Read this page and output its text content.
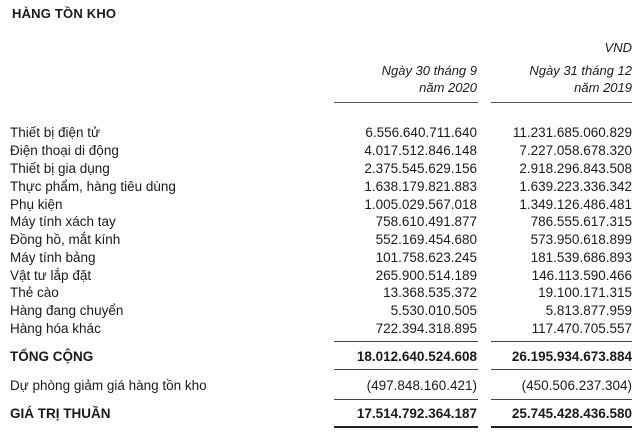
HÀNG TỒN KHO
VND
Ngày 30 tháng 9
năm 2020
Ngày 31 tháng 12
năm 2019
Thiết bị điện tử	6.556.640.711.640	11.231.685.060.829
Điện thoại di động	4.017.512.846.148	7.227.058.678.320
Thiết bị gia dụng	2.375.545.629.156	2.918.296.843.508
Thực phẩm, hàng tiêu dùng	1.638.179.821.883	1.639.223.336.342
Phụ kiện	1.005.029.567.018	1.349.126.486.481
Máy tính xách tay	758.610.491.877	786.555.617.315
Đồng hồ, mắt kính	552.169.454.680	573.950.618.899
Máy tính bảng	101.758.623.245	181.539.686.893
Vật tư lắp đặt	265.900.514.189	146.113.590.466
Thẻ cào	13.368.535.372	19.100.171.315
Hàng đang chuyển	5.530.010.505	5.813.877.959
Hàng hóa khác	722.394.318.895	117.470.705.557
TỔNG CỘNG	18.012.640.524.608	26.195.934.673.884
Dự phòng giảm giá hàng tồn kho	(497.848.160.421)	(450.506.237.304)
GIÁ TRỊ THUẦN	17.514.792.364.187	25.745.428.436.580
